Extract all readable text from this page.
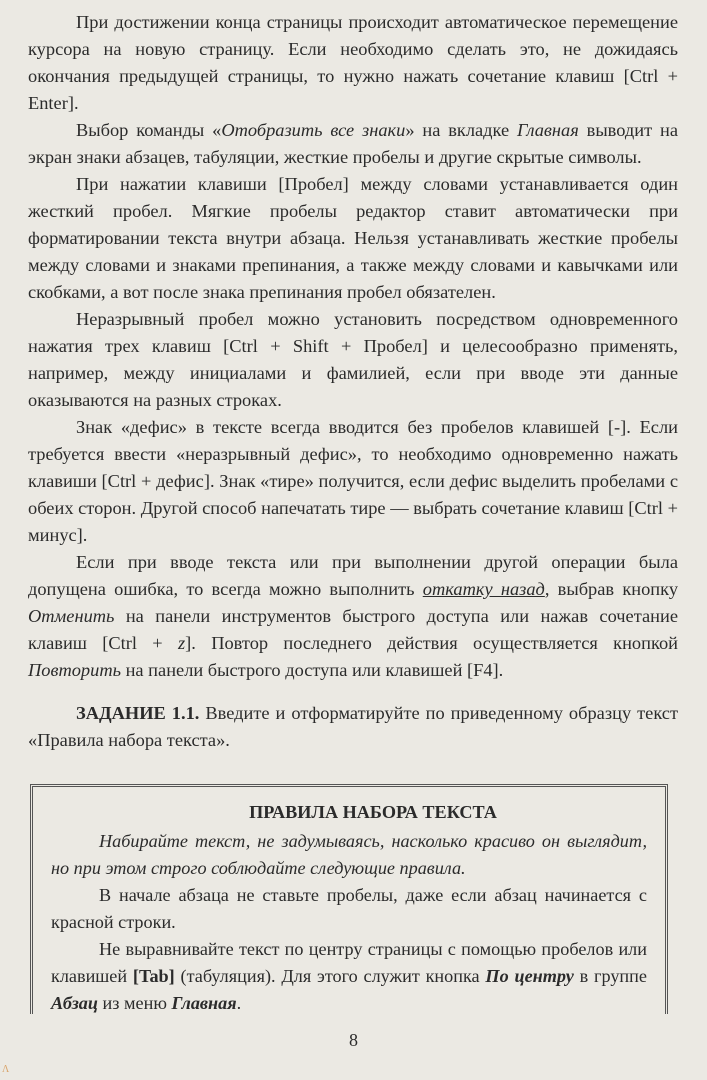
При достижении конца страницы происходит автоматическое перемещение курсора на новую страницу. Если необходимо сделать это, не дожидаясь окончания предыдущей страницы, то нужно нажать сочетание клавиш [Ctrl + Enter].

Выбор команды «Отобразить все знаки» на вкладке Главная выводит на экран знаки абзацев, табуляции, жесткие пробелы и другие скрытые символы.

При нажатии клавиши [Пробел] между словами устанавливается один жесткий пробел. Мягкие пробелы редактор ставит автоматически при форматировании текста внутри абзаца. Нельзя устанавливать жесткие пробелы между словами и знаками препинания, а также между словами и кавычками или скобками, а вот после знака препинания пробел обязателен.

Неразрывный пробел можно установить посредством одновременного нажатия трех клавиш [Ctrl + Shift + Пробел] и целесообразно применять, например, между инициалами и фамилией, если при вводе эти данные оказываются на разных строках.

Знак «дефис» в тексте всегда вводится без пробелов клавишей [-]. Если требуется ввести «неразрывный дефис», то необходимо одновременно нажать клавиши [Ctrl + дефис]. Знак «тире» получится, если дефис выделить пробелами с обеих сторон. Другой способ напечатать тире — выбрать сочетание клавиш [Ctrl + минус].

Если при вводе текста или при выполнении другой операции была допущена ошибка, то всегда можно выполнить откатку назад, выбрав кнопку Отменить на панели инструментов быстрого доступа или нажав сочетание клавиш [Ctrl + z]. Повтор последнего действия осуществляется кнопкой Повторить на панели быстрого доступа или клавишей [F4].

ЗАДАНИЕ 1.1. Введите и отформатируйте по приведенному образцу текст «Правила набора текста».

ПРАВИЛА НАБОРА ТЕКСТА

Набирайте текст, не задумываясь, насколько красиво он выглядит, но при этом строго соблюдайте следующие правила.

В начале абзаца не ставьте пробелы, даже если абзац начинается с красной строки.

Не выравнивайте текст по центру страницы с помощью пробелов или клавишей [Tab] (табуляция). Для этого служит кнопка По центру в группе Абзац из меню Главная.

8
Λ
